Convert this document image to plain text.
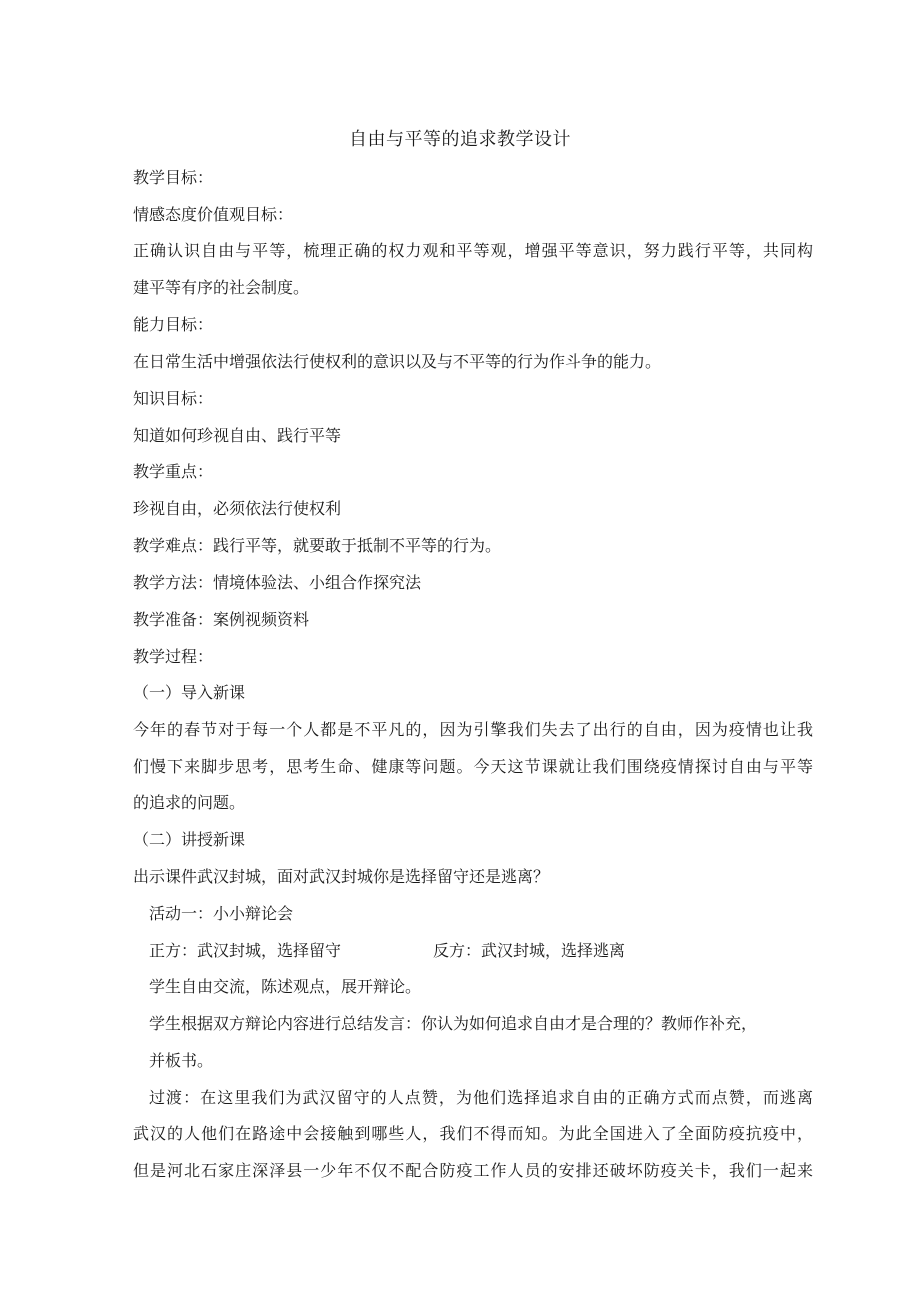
自由与平等的追求教学设计
教学目标：
情感态度价值观目标：
正确认识自由与平等，梳理正确的权力观和平等观，增强平等意识，努力践行平等，共同构
建平等有序的社会制度。
能力目标：
在日常生活中增强依法行使权利的意识以及与不平等的行为作斗争的能力。
知识目标：
知道如何珍视自由、践行平等
教学重点：
珍视自由，必须依法行使权利
教学难点：践行平等，就要敢于抵制不平等的行为。
教学方法：情境体验法、小组合作探究法
教学准备：案例视频资料
教学过程：
（一）导入新课
今年的春节对于每一个人都是不平凡的，因为引擎我们失去了出行的自由，因为疫情也让我
们慢下来脚步思考，思考生命、健康等问题。今天这节课就让我们围绕疫情探讨自由与平等
的追求的问题。
（二）讲授新课
出示课件武汉封城，面对武汉封城你是选择留守还是逃离？
活动一：小小辩论会
正方：武汉封城，选择留守	反方：武汉封城，选择逃离
学生自由交流，陈述观点，展开辩论。
学生根据双方辩论内容进行总结发言：你认为如何追求自由才是合理的？教师作补充，
并板书。
过渡：在这里我们为武汉留守的人点赞，为他们选择追求自由的正确方式而点赞，而逃离
武汉的人他们在路途中会接触到哪些人，我们不得而知。为此全国进入了全面防疫抗疫中，
但是河北石家庄深泽县一少年不仅不配合防疫工作人员的安排还破坏防疫关卡，我们一起来
